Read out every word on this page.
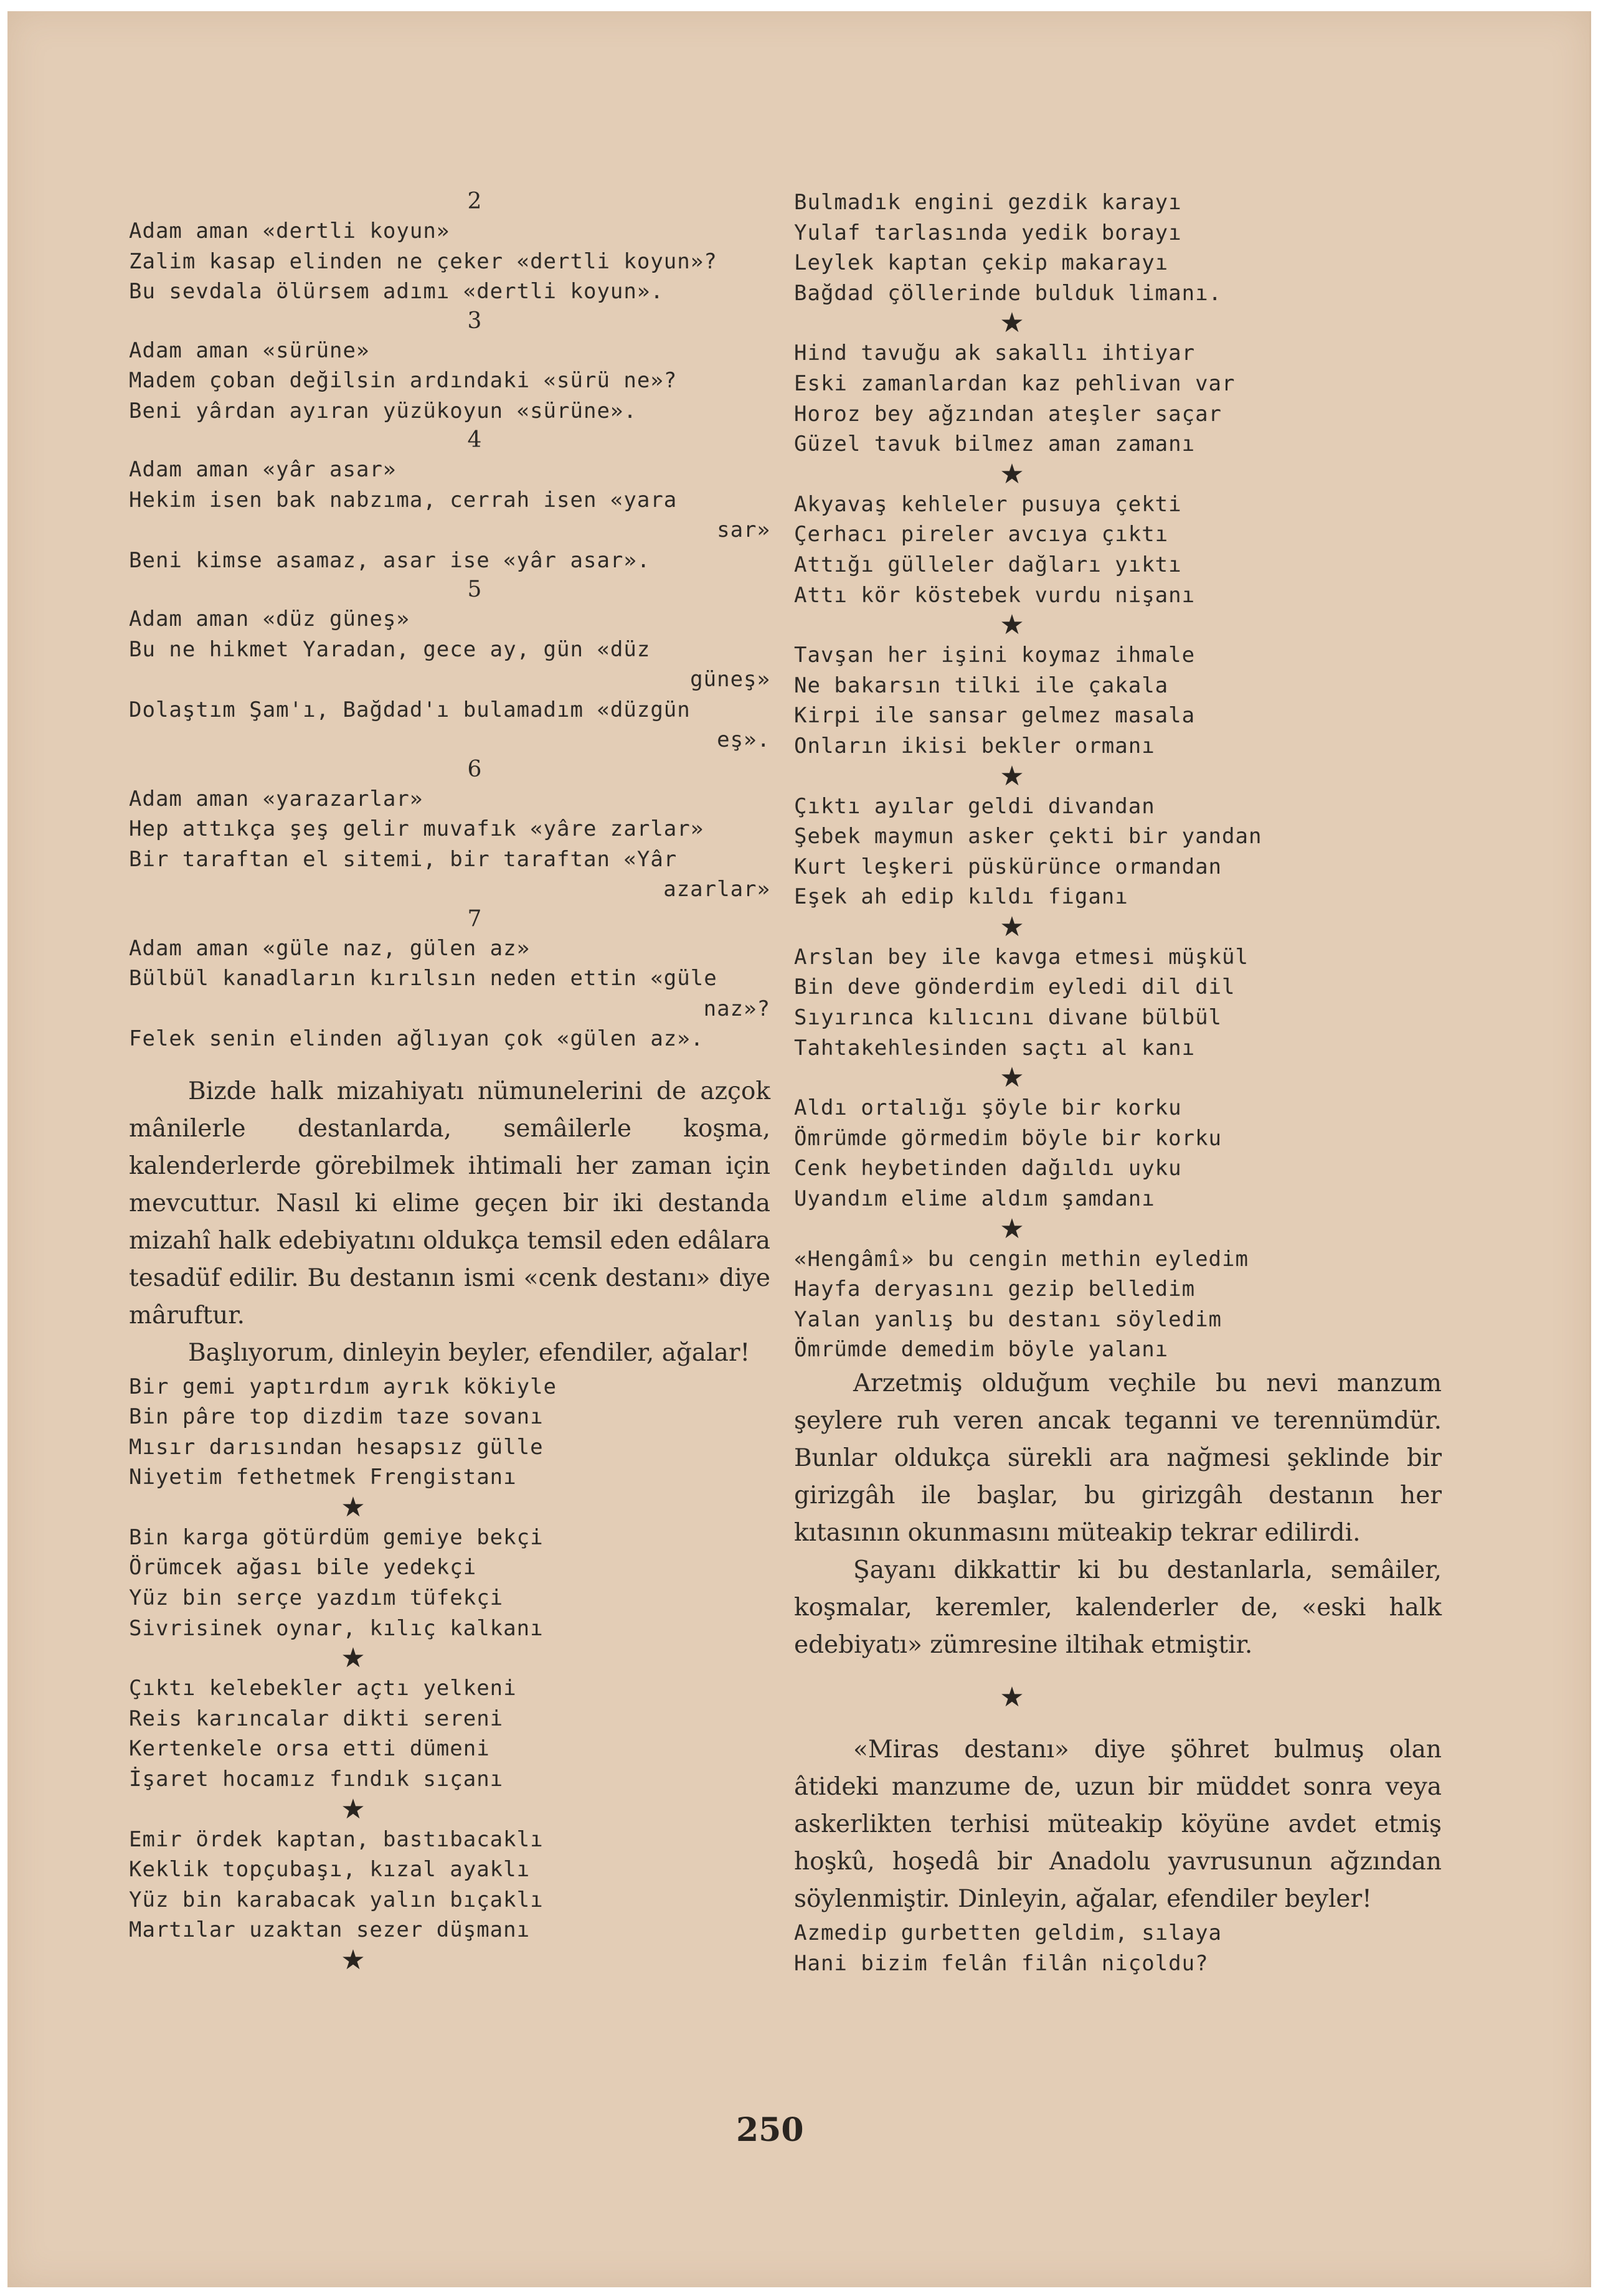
2
Adam aman «dertli koyun»
Zalim kasap elinden ne çeker «dertli koyun»?
Bu sevdala ölürsem adımı «dertli koyun».
3
Adam aman «sürüne»
Madem çoban değilsin ardındaki «sürü ne»?
Beni yârdan ayıran yüzükoyun «sürüne».
4
Adam aman «yâr asar»
Hekim isen bak nabzıma, cerrah isen «yara
sar»
Beni kimse asamaz, asar ise «yâr asar».
5
Adam aman «düz güneş»
Bu ne hikmet Yaradan, gece ay, gün «düz
güneş»
Dolaştım Şam'ı, Bağdad'ı bulamadım «düzgün
eş».
6
Adam aman «yarazarlar»
Hep attıkça şeş gelir muvafık «yâre zarlar»
Bir taraftan el sitemi, bir taraftan «Yâr
azarlar»
7
Adam aman «güle naz, gülen az»
Bülbül kanadların kırılsın neden ettin «güle
naz»?
Felek senin elinden ağlıyan çok «gülen az».

Bizde halk mizahiyatı nümunelerini de azçok mânilerle destanlarda, semâilerle koşma, kalenderlerde görebilmek ihtimali her zaman için mevcuttur. Nasıl ki elime geçen bir iki destanda mizahî halk edebiyatını oldukça temsil eden edâlara tesadüf edilir. Bu destanın ismi «cenk destanı» diye mâruftur.

Başlıyorum, dinleyin beyler, efendiler, ağalar!

Bir gemi yaptırdım ayrık kökiyle
Bin pâre top dizdim taze sovanı
Mısır darısından hesapsız gülle
Niyetim fethetmek Frengistanı
★
Bin karga götürdüm gemiye bekçi
Örümcek ağası bile yedekçi
Yüz bin serçe yazdım tüfekçi
Sivrisinek oynar, kılıç kalkanı
★
Çıktı kelebekler açtı yelkeni
Reis karıncalar dikti sereni
Kertenkele orsa etti dümeni
İşaret hocamız fındık sıçanı
★
Emir ördek kaptan, bastıbacaklı
Keklik topçubaşı, kızal ayaklı
Yüz bin karabacak yalın bıçaklı
Martılar uzaktan sezer düşmanı
★
Bulmadık engini gezdik karayı
Yulaf tarlasında yedik borayı
Leylek kaptan çekip makarayı
Bağdad çöllerinde bulduk limanı.
★
Hind tavuğu ak sakallı ihtiyar
Eski zamanlardan kaz pehlivan var
Horoz bey ağzından ateşler saçar
Güzel tavuk bilmez aman zamanı
★
Akyavaş kehleler pusuya çekti
Çerhacı pireler avcıya çıktı
Attığı gülleler dağları yıktı
Attı kör köstebek vurdu nişanı
★
Tavşan her işini koymaz ihmale
Ne bakarsın tilki ile çakala
Kirpi ile sansar gelmez masala
Onların ikisi bekler ormanı
★
Çıktı ayılar geldi divandan
Şebek maymun asker çekti bir yandan
Kurt leşkeri püskürünce ormandan
Eşek ah edip kıldı figanı
★
Arslan bey ile kavga etmesi müşkül
Bin deve gönderdim eyledi dil dil
Sıyırınca kılıcını divane bülbül
Tahtakehlesinden saçtı al kanı
★
Aldı ortalığı şöyle bir korku
Ömrümde görmedim böyle bir korku
Cenk heybetinden dağıldı uyku
Uyandım elime aldım şamdanı
★
«Hengâmî» bu cengin methin eyledim
Hayfa deryasını gezip belledim
Yalan yanlış bu destanı söyledim
Ömrümde demedim böyle yalanı

Arzetmiş olduğum veçhile bu nevi manzum şeylere ruh veren ancak teganni ve terennümdür. Bunlar oldukça sürekli ara nağmesi şeklinde bir girizgâh ile başlar, bu girizgâh destanın her kıtasının okunmasını müteakip tekrar edilirdi.

Şayanı dikkattir ki bu destanlarla, semâiler, koşmalar, keremler, kalenderler de, «eski halk edebiyatı» zümresine iltihak etmiştir.

★

«Miras destanı» diye şöhret bulmuş olan âtideki manzume de, uzun bir müddet sonra veya askerlikten terhisi müteakip köyüne avdet etmiş hoşkû, hoşedâ bir Anadolu yavrusunun ağzından söylenmiştir. Dinleyin, ağalar, efendiler beyler!

Azmedip gurbetten geldim, sılaya
Hani bizim felân filân niçoldu?
250
